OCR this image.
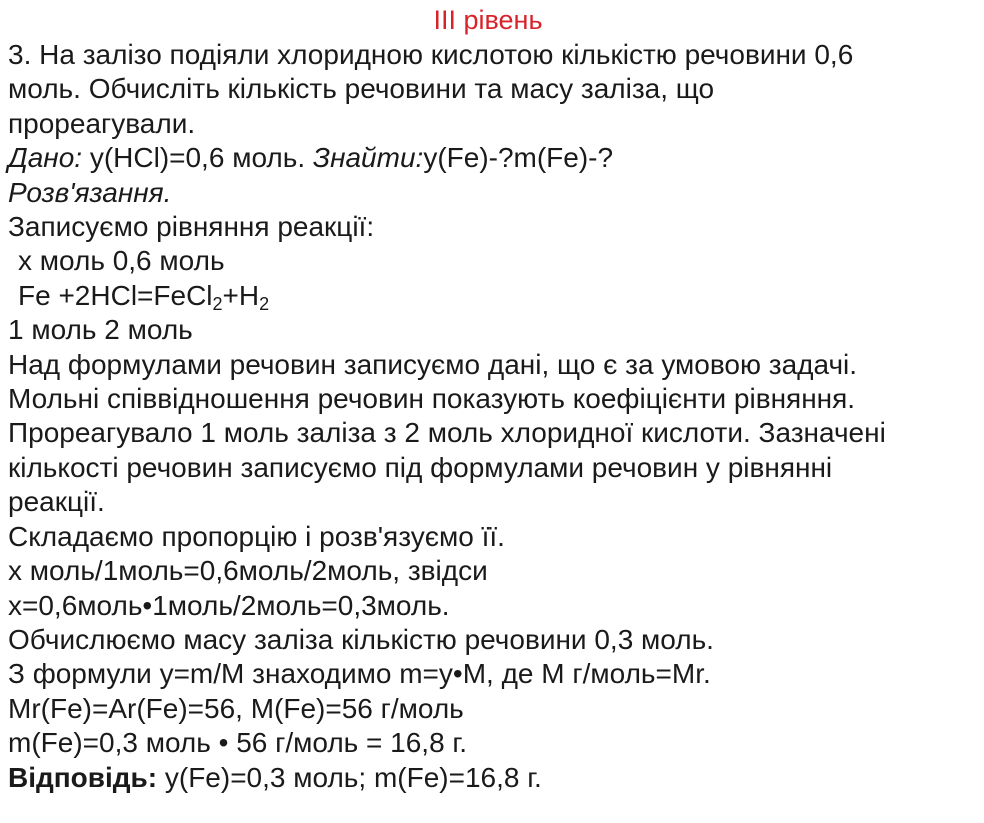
III рівень

3. На залізо подіяли хлоридною кислотою кількістю речовини 0,6

моль. Обчисліть кількість речовини та масу заліза, що

прореагували.

Дано: y(HCl)=0,6 моль. Знайти:y(Fe)-?m(Fe)-?

Розв'язання.

Записуємо рівняння реакції:

x моль 0,6 моль

$Fe +2HCl=FeCl_2+H_2$

1 моль 2 моль

Над формулами речовин записуємо дані, що є за умовою задачі.

Мольні співвідношення речовин показують коефіцієнти рівняння.

Прореагувало 1 моль заліза з 2 моль хлоридної кислоти. Зазначені

кількості речовин записуємо під формулами речовин у рівнянні

реакції.

Складаємо пропорцію і розв'язуємо її.

x моль/1моль=0,6моль/2моль, звідси

x=0,6моль•1моль/2моль=0,3моль.

Обчислюємо масу заліза кількістю речовини 0,3 моль.

З формули y=m/M знаходимо m=y•M, де M г/моль=Mr.

Mr(Fe)=Ar(Fe)=56, M(Fe)=56 г/моль

m(Fe)=0,3 моль • 56 г/моль = 16,8 г.

Відповідь: y(Fe)=0,3 моль; m(Fe)=16,8 г.
